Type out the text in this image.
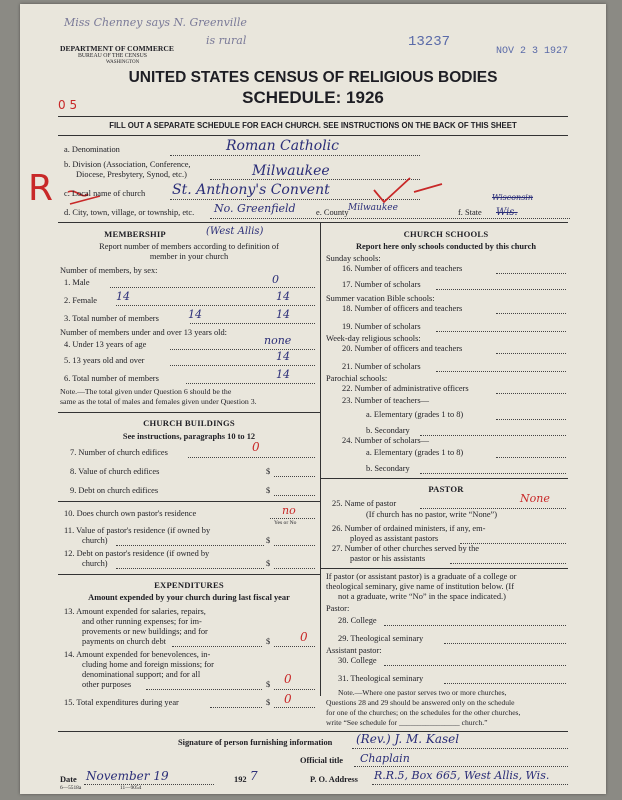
Miss Chenney says N. Greenville
is rural	13237
NOV 2 3 1927
DEPARTMENT OF COMMERCE
BUREAU OF THE CENSUS
WASHINGTON
UNITED STATES CENSUS OF RELIGIOUS BODIES
SCHEDULE: 1926
0 5
FILL OUT A SEPARATE SCHEDULE FOR EACH CHURCH. SEE INSTRUCTIONS ON THE BACK OF THIS SHEET
a. Denomination	Roman Catholic
b. Division (Association, Conference,
Diocese, Presbytery, Synod, etc.)	Milwaukee
R c. Local name of church St. Anthony's Convent
d. City, town, village, or township, etc. No. Greenfield e. County Milwaukee	f. State
Wisconsin
Wis.
MEMBERSHIP	(West Allis)
Report number of members according to definition of
member in your church
Number of members, by sex:
1. Male	0
2. Female 14	14
3. Total number of members	14	14
Number of members under and over 13 years old:
4. Under 13 years of age	none
5. 13 years old and over	14
6. Total number of members	14
Note.—The total given under Question 6 should be the
same as the total of males and females given under Question 3.
CHURCH BUILDINGS
See instructions, paragraphs 10 to 12
7. Number of church edifices	0
8. Value of church edifices	$
9. Debt on church edifices	$
10. Does church own pastor's residence	no
Yes or No
11. Value of pastor's residence (if owned by
church)	$
12. Debt on pastor's residence (if owned by
church)	$
EXPENDITURES
Amount expended by your church during last fiscal year
13. Amount expended for salaries, repairs,
and other running expenses; for im-
provements or new buildings; and for
payments on church debt	$ 0
14. Amount expended for benevolences, in-
cluding home and foreign missions; for
denominational support; and for all
other purposes	$ 0
15. Total expenditures during year	$ 0
CHURCH SCHOOLS
Report here only schools conducted by this church
Sunday schools:
16. Number of officers and teachers
17. Number of scholars
Summer vacation Bible schools:
18. Number of officers and teachers
19. Number of scholars
Week-day religious schools:
20. Number of officers and teachers
21. Number of scholars
Parochial schools:
22. Number of administrative officers
23. Number of teachers—
a. Elementary (grades 1 to 8)
b. Secondary
24. Number of scholars—
a. Elementary (grades 1 to 8)
b. Secondary
PASTOR
25. Name of pastor	None
(If church has no pastor, write “None”)
26. Number of ordained ministers, if any, em-
ployed as assistant pastors
27. Number of other churches served by the
pastor or his assistants
If pastor (or assistant pastor) is a graduate of a college or
theological seminary, give name of institution below. (If
not a graduate, write “No” in the space indicated.)
Pastor:
28. College
29. Theological seminary
Assistant pastor:
30. College
31. Theological seminary
Note.—Where one pastor serves two or more churches,
Questions 28 and 29 should be answered only on the schedule
for one of the churches; on the schedules for the other churches,
write “See schedule for ________________ church.”
Signature of person furnishing information (Rev.) J. M. Kasel
Official title Chaplain
Date November 19	192 7	P. O. Address R.R.5, Box 665, West Allis, Wis.
6—5518a	11—9054
